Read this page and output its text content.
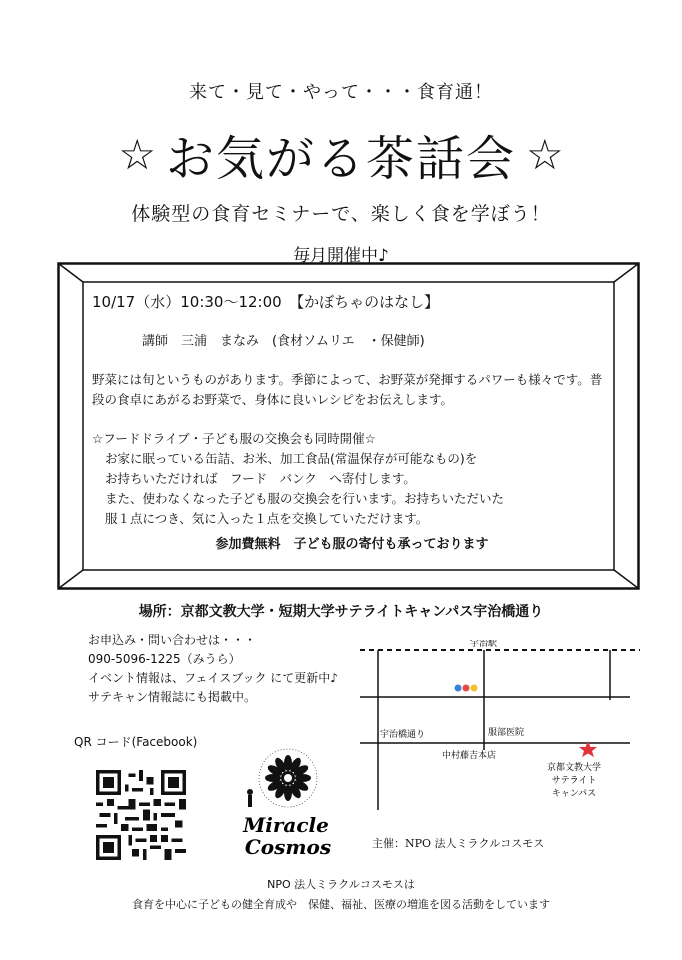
来て・見て・やって・・・食育通！
☆ お気がる茶話会 ☆
体験型の食育セミナーで、楽しく食を学ぼう！
毎月開催中♪
10/17（水）10:30〜12:00　【かぼちゃのはなし】
講師　三浦　まなみ　(食材ソムリエ　・保健師)
野菜には旬というものがあります。季節によって、お野菜が発揮するパワーも様々です。普段の食卓にあがるお野菜で、身体に良いレシピをお伝えします。
☆フードドライブ・子ども服の交換会も同時開催☆
お家に眠っている缶詰、お米、加工食品(常温保存が可能なもの)を
お持ちいただければ　フード　バンク　へ寄付します。
また、使わなくなった子ども服の交換会を行います。お持ちいただいた
服１点につき、気に入った１点を交換していただけます。
参加費無料　子ども服の寄付も承っております
場所：京都文教大学・短期大学サテライトキャンパス宇治橋通り
お申込み・問い合わせは・・・
090-5096-1225（みうら）
イベント情報は、フェイスブック にて更新中♪
サテキャン情報誌にも掲載中。
QR コード(Facebook)
Miracle
Cosmos
宇治駅
宇治橋通り	服部医院
中村藤吉本店
京都文教大学
サテライト
キャンパス
主催：NPO 法人ミラクルコスモス
NPO 法人ミラクルコスモスは
食育を中心に子どもの健全育成や　保健、福祉、医療の増進を図る活動をしています
